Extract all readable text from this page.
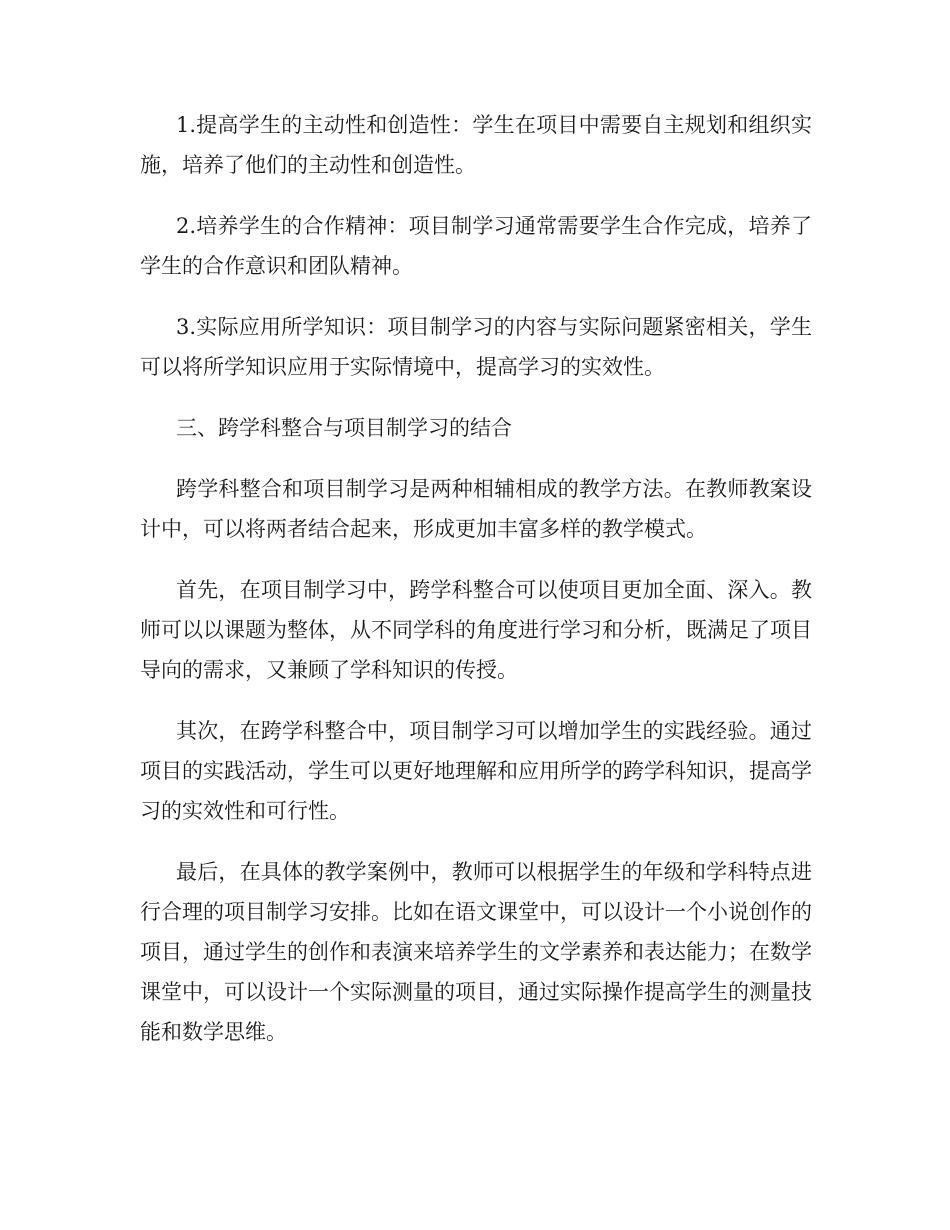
1.提高学生的主动性和创造性：学生在项目中需要自主规划和组织实施，培养了他们的主动性和创造性。

2.培养学生的合作精神：项目制学习通常需要学生合作完成，培养了学生的合作意识和团队精神。

3.实际应用所学知识：项目制学习的内容与实际问题紧密相关，学生可以将所学知识应用于实际情境中，提高学习的实效性。

三、跨学科整合与项目制学习的结合

跨学科整合和项目制学习是两种相辅相成的教学方法。在教师教案设计中，可以将两者结合起来，形成更加丰富多样的教学模式。

首先，在项目制学习中，跨学科整合可以使项目更加全面、深入。教师可以以课题为整体，从不同学科的角度进行学习和分析，既满足了项目导向的需求，又兼顾了学科知识的传授。

其次，在跨学科整合中，项目制学习可以增加学生的实践经验。通过项目的实践活动，学生可以更好地理解和应用所学的跨学科知识，提高学习的实效性和可行性。

最后，在具体的教学案例中，教师可以根据学生的年级和学科特点进行合理的项目制学习安排。比如在语文课堂中，可以设计一个小说创作的项目，通过学生的创作和表演来培养学生的文学素养和表达能力；在数学课堂中，可以设计一个实际测量的项目，通过实际操作提高学生的测量技能和数学思维。
